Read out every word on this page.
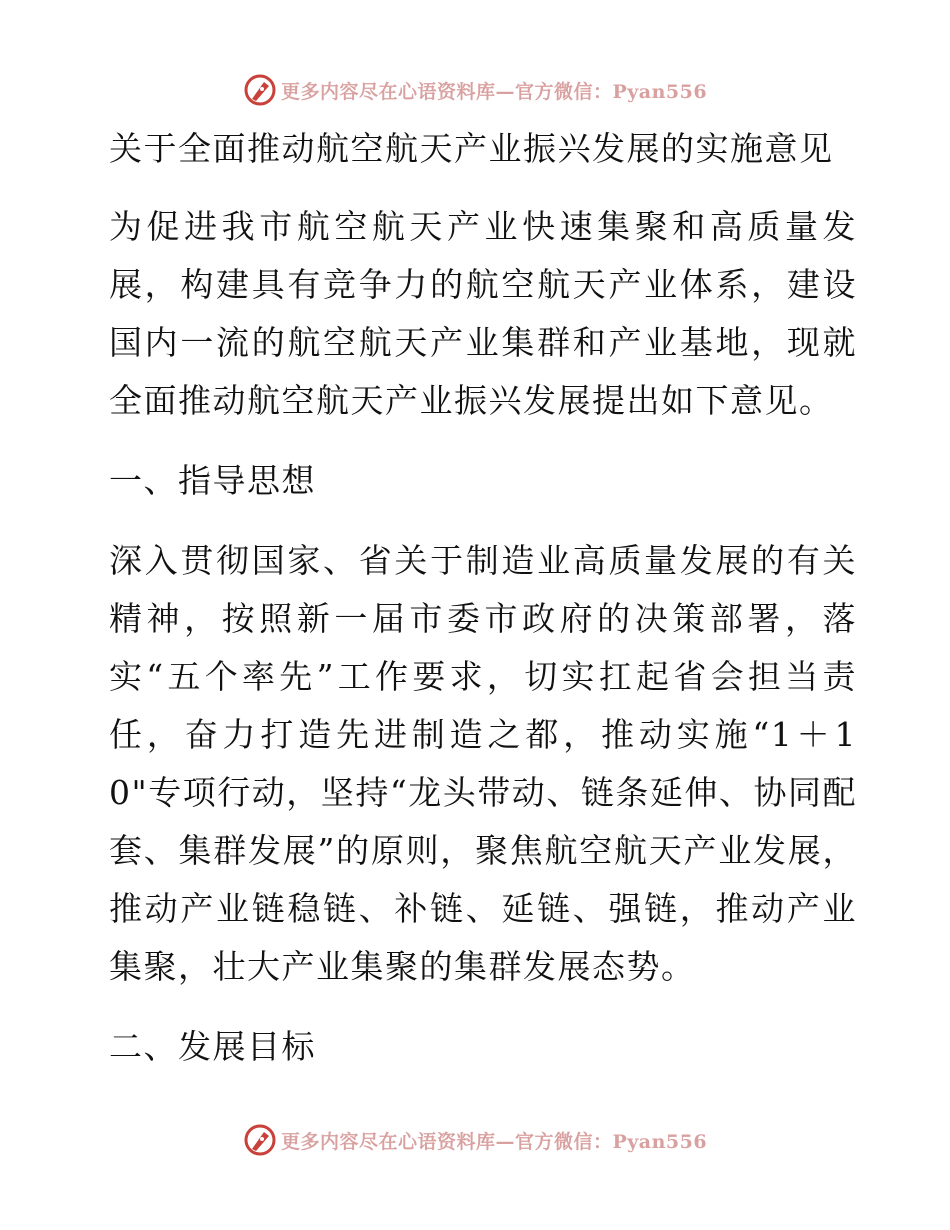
更多内容尽在心语资料库—官方微信：Pyan556
关于全面推动航空航天产业振兴发展的实施意见

为促进我市航空航天产业快速集聚和高质量发展，构建具有竞争力的航空航天产业体系，建设国内一流的航空航天产业集群和产业基地，现就全面推动航空航天产业振兴发展提出如下意见。

一、指导思想

深入贯彻国家、省关于制造业高质量发展的有关精神，按照新一届市委市政府的决策部署，落实“五个率先”工作要求，切实扛起省会担当责任，奋力打造先进制造之都，推动实施“1＋10"专项行动，坚持“龙头带动、链条延伸、协同配套、集群发展”的原则，聚焦航空航天产业发展，推动产业链稳链、补链、延链、强链，推动产业集聚，壮大产业集聚的集群发展态势。

二、发展目标
更多内容尽在心语资料库—官方微信：Pyan556
